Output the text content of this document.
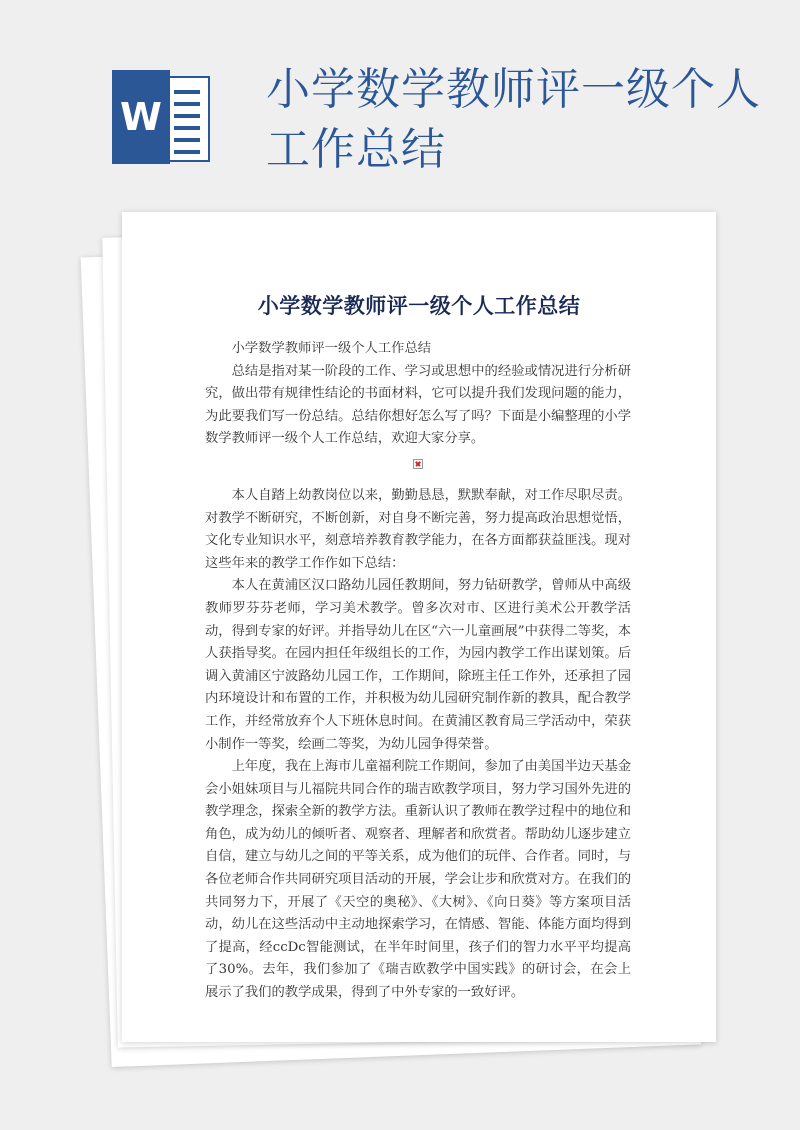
W
小学数学教师评一级个人工作总结
小学数学教师评一级个人工作总结

小学数学教师评一级个人工作总结

总结是指对某一阶段的工作、学习或思想中的经验或情况进行分析研究，做出带有规律性结论的书面材料，它可以提升我们发现问题的能力，为此要我们写一份总结。总结你想好怎么写了吗？下面是小编整理的小学数学教师评一级个人工作总结，欢迎大家分享。

本人自踏上幼教岗位以来，勤勤恳恳，默默奉献，对工作尽职尽责。对教学不断研究，不断创新，对自身不断完善，努力提高政治思想觉悟，文化专业知识水平，刻意培养教育教学能力，在各方面都获益匪浅。现对这些年来的教学工作作如下总结：

本人在黄浦区汉口路幼儿园任教期间，努力钻研教学，曾师从中高级教师罗芬芬老师，学习美术教学。曾多次对市、区进行美术公开教学活动，得到专家的好评。并指导幼儿在区“六一儿童画展”中获得二等奖，本人获指导奖。在园内担任年级组长的工作，为园内教学工作出谋划策。后调入黄浦区宁波路幼儿园工作，工作期间，除班主任工作外，还承担了园内环境设计和布置的工作，并积极为幼儿园研究制作新的教具，配合教学工作，并经常放弃个人下班休息时间。在黄浦区教育局三学活动中，荣获小制作一等奖，绘画二等奖，为幼儿园争得荣誉。

上年度，我在上海市儿童福利院工作期间，参加了由美国半边天基金会小姐妹项目与儿福院共同合作的瑞吉欧教学项目，努力学习国外先进的教学理念，探索全新的教学方法。重新认识了教师在教学过程中的地位和角色，成为幼儿的倾听者、观察者、理解者和欣赏者。帮助幼儿逐步建立自信，建立与幼儿之间的平等关系，成为他们的玩伴、合作者。同时，与各位老师合作共同研究项目活动的开展，学会让步和欣赏对方。在我们的共同努力下，开展了《天空的奥秘》、《大树》、《向日葵》等方案项目活动，幼儿在这些活动中主动地探索学习，在情感、智能、体能方面均得到了提高，经ccDc智能测试，在半年时间里，孩子们的智力水平平均提高了30%。去年，我们参加了《瑞吉欧教学中国实践》的研讨会，在会上展示了我们的教学成果，得到了中外专家的一致好评。
